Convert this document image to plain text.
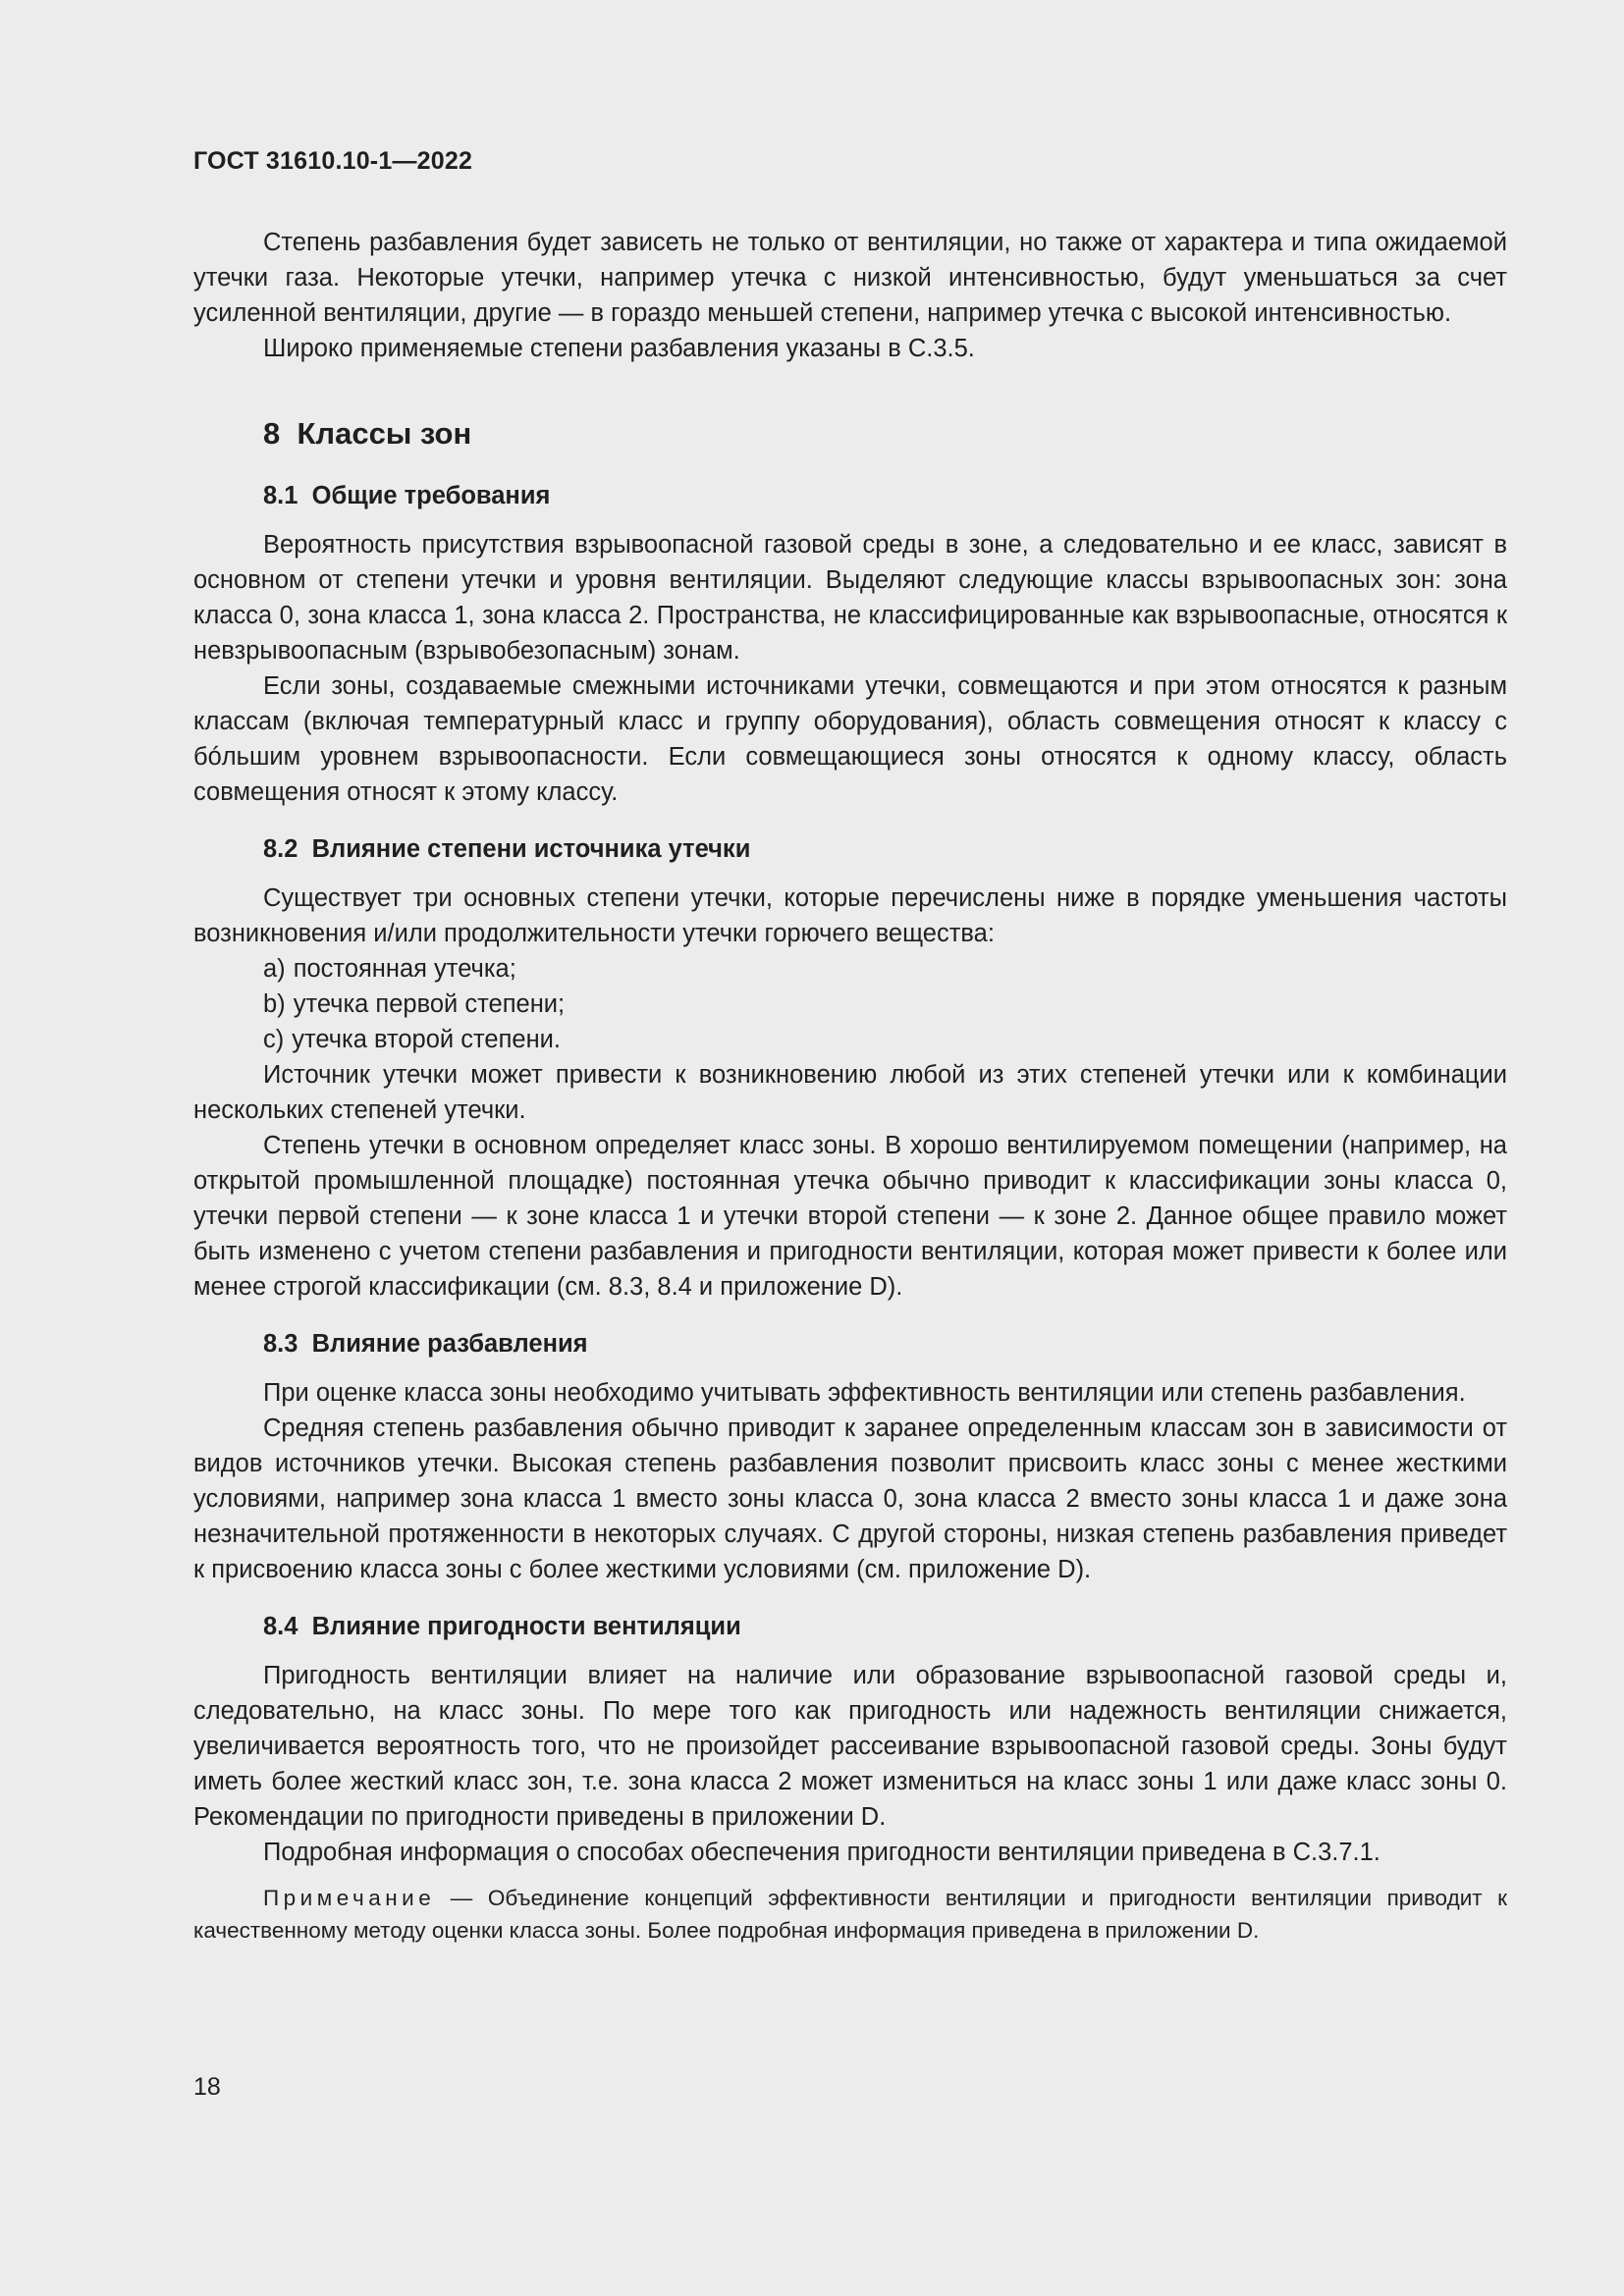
ГОСТ 31610.10-1—2022

Степень разбавления будет зависеть не только от вентиляции, но также от характера и типа ожидаемой утечки газа. Некоторые утечки, например утечка с низкой интенсивностью, будут уменьшаться за счет усиленной вентиляции, другие — в гораздо меньшей степени, например утечка с высокой интенсивностью.

Широко применяемые степени разбавления указаны в С.3.5.

8 Классы зон
8.1 Общие требования

Вероятность присутствия взрывоопасной газовой среды в зоне, а следовательно и ее класс, зависят в основном от степени утечки и уровня вентиляции. Выделяют следующие классы взрывоопасных зон: зона класса 0, зона класса 1, зона класса 2. Пространства, не классифицированные как взрывоопасные, относятся к невзрывоопасным (взрывобезопасным) зонам.

Если зоны, создаваемые смежными источниками утечки, совмещаются и при этом относятся к разным классам (включая температурный класс и группу оборудования), область совмещения относят к классу с бóльшим уровнем взрывоопасности. Если совмещающиеся зоны относятся к одному классу, область совмещения относят к этому классу.

8.2 Влияние степени источника утечки

Существует три основных степени утечки, которые перечислены ниже в порядке уменьшения частоты возникновения и/или продолжительности утечки горючего вещества:

a) постоянная утечка;

b) утечка первой степени;

c) утечка второй степени.

Источник утечки может привести к возникновению любой из этих степеней утечки или к комбинации нескольких степеней утечки.

Степень утечки в основном определяет класс зоны. В хорошо вентилируемом помещении (например, на открытой промышленной площадке) постоянная утечка обычно приводит к классификации зоны класса 0, утечки первой степени — к зоне класса 1 и утечки второй степени — к зоне 2. Данное общее правило может быть изменено с учетом степени разбавления и пригодности вентиляции, которая может привести к более или менее строгой классификации (см. 8.3, 8.4 и приложение D).

8.3 Влияние разбавления

При оценке класса зоны необходимо учитывать эффективность вентиляции или степень разбавления.

Средняя степень разбавления обычно приводит к заранее определенным классам зон в зависимости от видов источников утечки. Высокая степень разбавления позволит присвоить класс зоны с менее жесткими условиями, например зона класса 1 вместо зоны класса 0, зона класса 2 вместо зоны класса 1 и даже зона незначительной протяженности в некоторых случаях. С другой стороны, низкая степень разбавления приведет к присвоению класса зоны с более жесткими условиями (см. приложение D).

8.4 Влияние пригодности вентиляции

Пригодность вентиляции влияет на наличие или образование взрывоопасной газовой среды и, следовательно, на класс зоны. По мере того как пригодность или надежность вентиляции снижается, увеличивается вероятность того, что не произойдет рассеивание взрывоопасной газовой среды. Зоны будут иметь более жесткий класс зон, т.е. зона класса 2 может измениться на класс зоны 1 или даже класс зоны 0. Рекомендации по пригодности приведены в приложении D.

Подробная информация о способах обеспечения пригодности вентиляции приведена в С.3.7.1.

Примечание — Объединение концепций эффективности вентиляции и пригодности вентиляции приводит к качественному методу оценки класса зоны. Более подробная информация приведена в приложении D.
18
